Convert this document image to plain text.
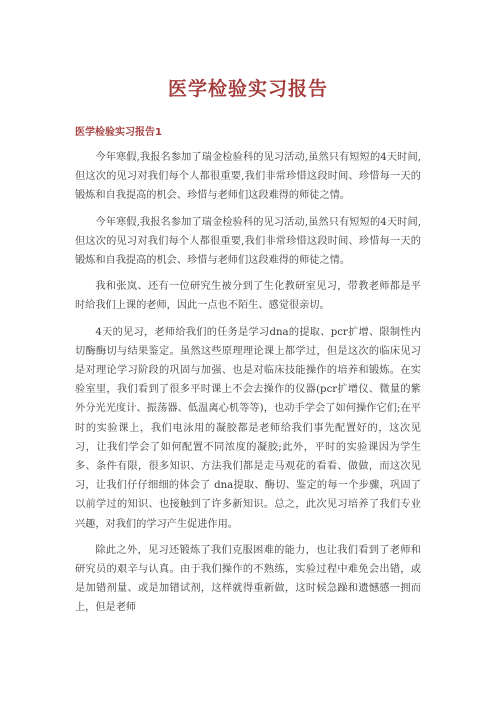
医学检验实习报告
医学检验实习报告1

今年寒假,我报名参加了瑞金检验科的见习活动,虽然只有短短的4天时间,但这次的见习对我们每个人都很重要,我们非常珍惜这段时间、珍惜每一天的锻炼和自我提高的机会、珍惜与老师们这段难得的师徒之情。

今年寒假,我报名参加了瑞金检验科的见习活动,虽然只有短短的4天时间,但这次的见习对我们每个人都很重要,我们非常珍惜这段时间、珍惜每一天的锻炼和自我提高的机会、珍惜与老师们这段难得的师徒之情。

我和张岚、还有一位研究生被分到了生化教研室见习，带教老师都是平时给我们上课的老师，因此一点也不陌生、感觉很亲切。

4天的见习，老师给我们的任务是学习dna的提取、pcr扩增、限制性内切酶酶切与结果鉴定。虽然这些原理理论课上都学过，但是这次的临床见习是对理论学习阶段的巩固与加强、也是对临床技能操作的培养和锻炼。在实验室里，我们看到了很多平时课上不会去操作的仪器(pcr扩增仪、微量的紫外分光光度计、振荡器、低温离心机等等)，也动手学会了如何操作它们;在平时的实验课上，我们电泳用的凝胶都是老师给我们事先配置好的，这次见习，让我们学会了如何配置不同浓度的凝胶;此外，平时的实验课因为学生多、条件有限，很多知识、方法我们都是走马观花的看看、做做，而这次见习，让我们仔仔细细的体会了 dna提取、酶切、鉴定的每一个步骤，巩固了以前学过的知识、也接触到了许多新知识。总之，此次见习培养了我们专业兴趣，对我们的学习产生促进作用。

除此之外，见习还锻炼了我们克服困难的能力，也让我们看到了老师和研究员的艰辛与认真。由于我们操作的不熟练，实验过程中难免会出错，或是加错剂量、或是加错试剂，这样就得重新做，这时候急躁和遗憾感一拥而上，但是老师
